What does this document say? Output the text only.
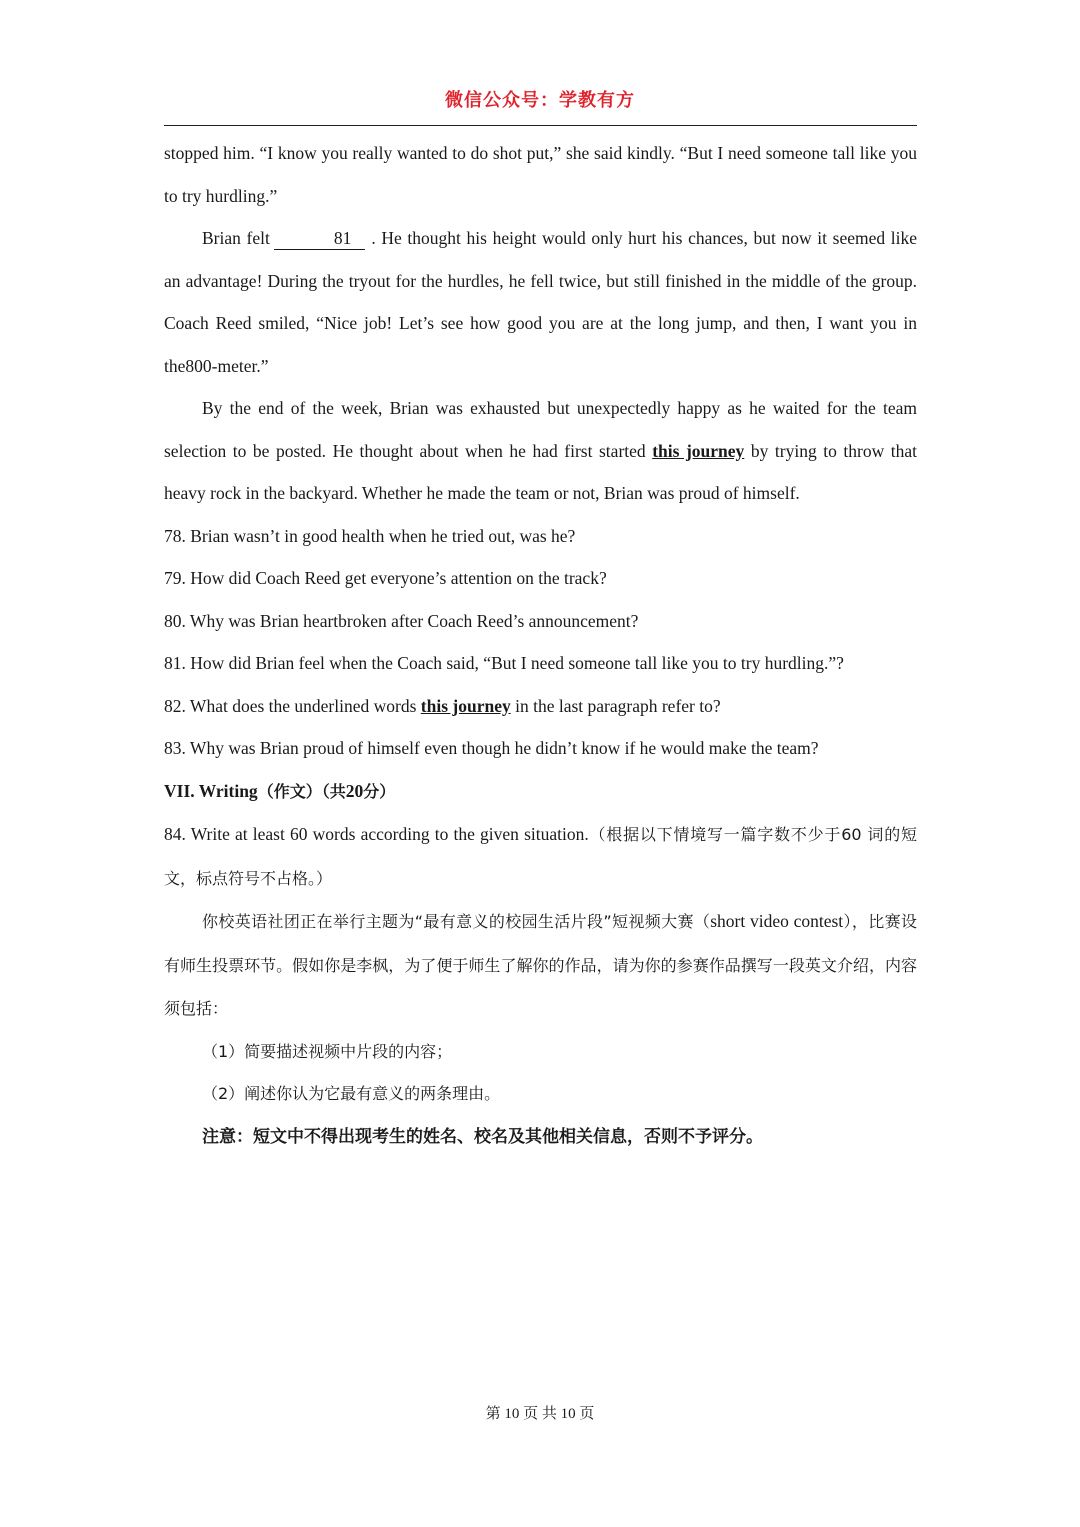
微信公众号：学教有方

stopped him. “I know you really wanted to do shot put,” she said kindly. “But I need someone tall like you to try hurdling.”

Brian felt	81 . He thought his height would only hurt his chances, but now it seemed like an advantage! During the tryout for the hurdles, he fell twice, but still finished in the middle of the group. Coach Reed smiled, “Nice job! Let’s see how good you are at the long jump, and then, I want you in the800-meter.”

By the end of the week, Brian was exhausted but unexpectedly happy as he waited for the team selection to be posted. He thought about when he had first started this journey by trying to throw that heavy rock in the backyard. Whether he made the team or not, Brian was proud of himself.

78. Brian wasn’t in good health when he tried out, was he?

79. How did Coach Reed get everyone’s attention on the track?

80. Why was Brian heartbroken after Coach Reed’s announcement?

81. How did Brian feel when the Coach said, “But I need someone tall like you to try hurdling.”?

82. What does the underlined words this journey in the last paragraph refer to?

83. Why was Brian proud of himself even though he didn’t know if he would make the team?

VII. Writing（作文）（共20分）

84. Write at least 60 words according to the given situation.（根据以下情境写一篇字数不少于60 词的短文，标点符号不占格。）

你校英语社团正在举行主题为“最有意义的校园生活片段”短视频大赛（short video contest），比赛设有师生投票环节。假如你是李枫，为了便于师生了解你的作品，请为你的参赛作品撰写一段英文介绍，内容须包括：

（1）简要描述视频中片段的内容；

（2）阐述你认为它最有意义的两条理由。

注意：短文中不得出现考生的姓名、校名及其他相关信息，否则不予评分。

第 10 页 共 10 页
